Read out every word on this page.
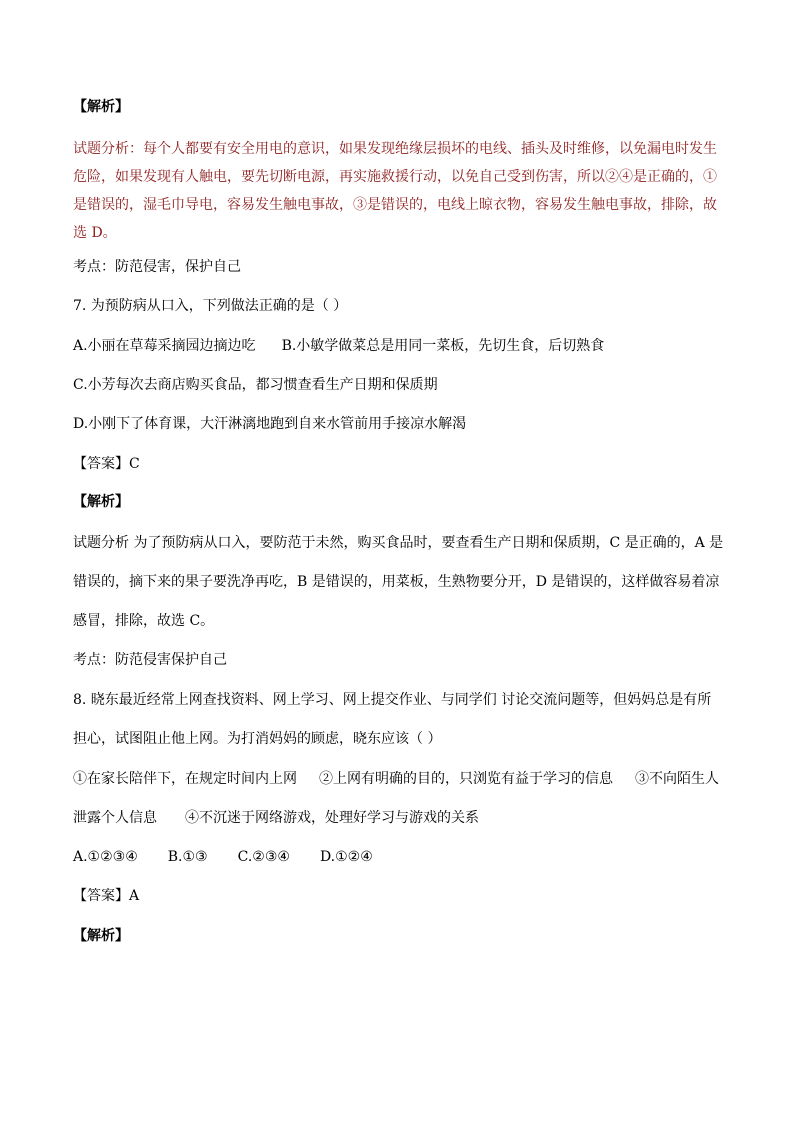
【解析】
试题分析：每个人都要有安全用电的意识，如果发现绝缘层损坏的电线、插头及时维修，以免漏电时发生
危险，如果发现有人触电，要先切断电源，再实施救援行动，以免自己受到伤害，所以②④是正确的，①
是错误的，湿毛巾导电，容易发生触电事故，③是错误的，电线上晾衣物，容易发生触电事故，排除，故
选 D。
考点：防范侵害，保护自己
7. 为预防病从口入，下列做法正确的是（ ）
A.小丽在草莓采摘园边摘边吃 B.小敏学做菜总是用同一菜板，先切生食，后切熟食
C.小芳每次去商店购买食品，都习惯查看生产日期和保质期
D.小刚下了体育课，大汗淋漓地跑到自来水管前用手接凉水解渴
【答案】C
【解析】
试题分析 为了预防病从口入，要防范于未然，购买食品时，要查看生产日期和保质期，C 是正确的，A 是
错误的，摘下来的果子要洗净再吃，B 是错误的，用菜板，生熟物要分开，D 是错误的，这样做容易着凉
感冒，排除，故选 C。
考点：防范侵害保护自己
8. 晓东最近经常上网查找资料、网上学习、网上提交作业、与同学们 讨论交流问题等，但妈妈总是有所
担心，试图阻止他上网。为打消妈妈的顾虑，晓东应该（ ）
①在家长陪伴下，在规定时间内上网 ②上网有明确的目的，只浏览有益于学习的信息 ③不向陌生人
泄露个人信息 ④不沉迷于网络游戏，处理好学习与游戏的关系
A.①②③④ B.①③ C.②③④ D.①②④
【答案】A
【解析】
